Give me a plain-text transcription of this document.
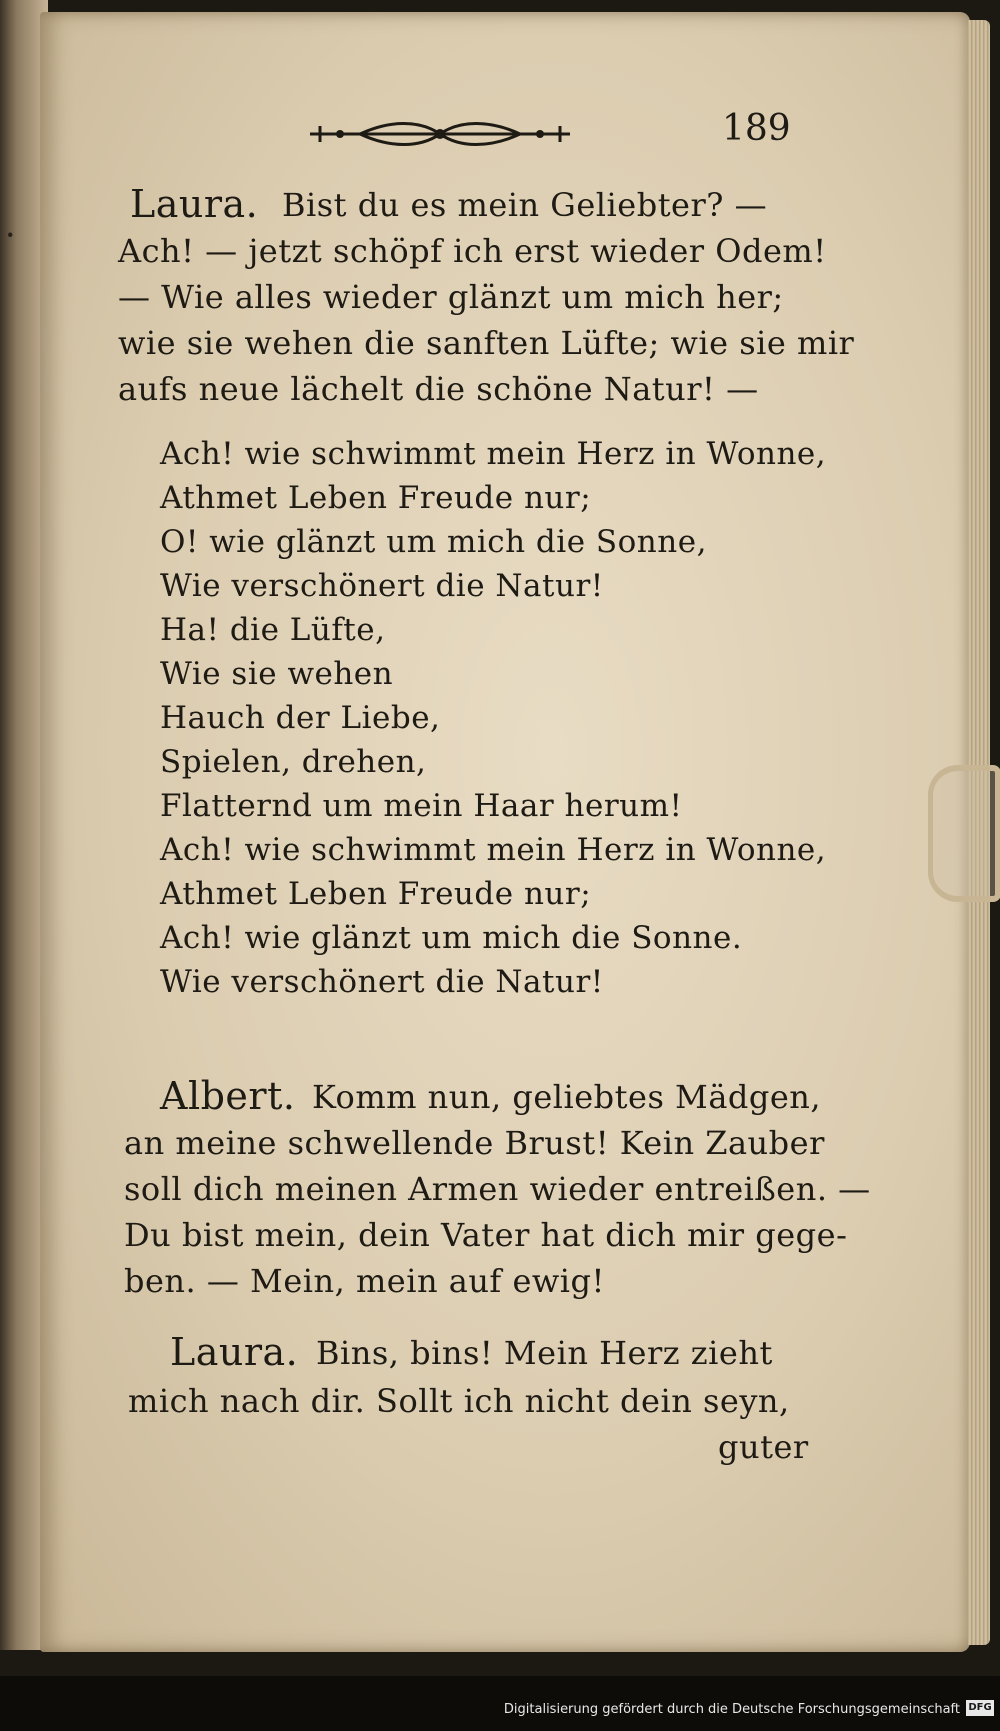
·
189
Laura. Bist du es mein Geliebter? —
Ach! — jetzt schöpf ich erst wieder Odem!
— Wie alles wieder glänzt um mich her;
wie sie wehen die sanften Lüfte; wie sie mir
aufs neue lächelt die schöne Natur! —
Ach! wie schwimmt mein Herz in Wonne,
Athmet Leben Freude nur;
O! wie glänzt um mich die Sonne,
Wie verschönert die Natur!
Ha! die Lüfte,
Wie sie wehen
Hauch der Liebe,
Spielen, drehen,
Flatternd um mein Haar herum!
Ach! wie schwimmt mein Herz in Wonne,
Athmet Leben Freude nur;
Ach! wie glänzt um mich die Sonne.
Wie verschönert die Natur!
Albert. Komm nun, geliebtes Mädgen,
an meine schwellende Brust! Kein Zauber
soll dich meinen Armen wieder entreißen. —
Du bist mein, dein Vater hat dich mir gege-
ben. — Mein, mein auf ewig!
Laura. Bins, bins! Mein Herz zieht
mich nach dir. Sollt ich nicht dein seyn,
guter
Digitalisierung gefördert durch die Deutsche Forschungsgemeinschaft DFG
